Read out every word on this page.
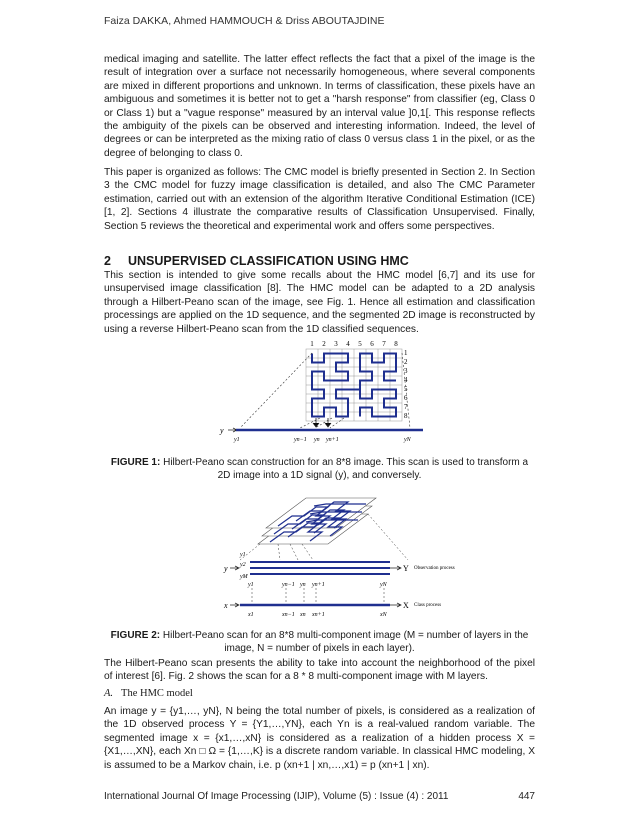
Faiza DAKKA, Ahmed HAMMOUCH & Driss ABOUTAJDINE

medical imaging and satellite. The latter effect reflects the fact that a pixel of the image is the result of integration over a surface not necessarily homogeneous, where several components are mixed in different proportions and unknown. In terms of classification, these pixels have an ambiguous and sometimes it is better not to get a "harsh response" from classifier (eg, Class 0 or Class 1) but a "vague response" measured by an interval value ]0,1[. This response reflects the ambiguity of the pixels can be observed and interesting information. Indeed, the level of degrees or can be interpreted as the mixing ratio of class 0 versus class 1 in the pixel, or as the degree of belonging to class 0.

This paper is organized as follows: The CMC model is briefly presented in Section 2. In Section 3 the CMC model for fuzzy image classification is detailed, and also The CMC Parameter estimation, carried out with an extension of the algorithm Iterative Conditional Estimation (ICE) [1, 2]. Sections 4 illustrate the comparative results of Classification Unsupervised. Finally, Section 5 reviews the theoretical and experimental work and offers some perspectives.

2 UNSUPERVISED CLASSIFICATION USING HMC

This section is intended to give some recalls about the HMC model [6,7] and its use for unsupervised image classification [8]. The HMC model can be adapted to a 2D analysis through a Hilbert-Peano scan of the image, see Fig. 1. Hence all estimation and classification processings are applied on the 1D sequence, and the segmented 2D image is reconstructed by using a reverse Hilbert-Peano scan from the 1D classified sequences.

1 2 3 4 5 6 7 8
1
2
3
4
5
6
7
8
y
y1	yn−1 yn yn+1	yN

FIGURE 1: Hilbert-Peano scan construction for an 8*8 image. This scan is used to transform a 2D image into a 1D signal (y), and conversely.

y1
y2
yM
y	Y Observation process
y1	yn−1 yn yn+1	yN
x	X Class process
x1	xn−1 xn xn+1	xN

FIGURE 2: Hilbert-Peano scan for an 8*8 multi-component image (M = number of layers in the image, N = number of pixels in each layer).

The Hilbert-Peano scan presents the ability to take into account the neighborhood of the pixel of interest [6]. Fig. 2 shows the scan for a 8 * 8 multi-component image with M layers.

A. The HMC model

An image y = {y1,…, yN}, N being the total number of pixels, is considered as a realization of the 1D observed process Y = {Y1,…,YN}, each Yn is a real-valued random variable. The segmented image x = {x1,…,xN} is considered as a realization of a hidden process X = {X1,…,XN}, each Xn □ Ω = {1,…,K} is a discrete random variable. In classical HMC modeling, X is assumed to be a Markov chain, i.e. p (xn+1 | xn,…,x1) = p (xn+1 | xn).

International Journal Of Image Processing (IJIP), Volume (5) : Issue (4) : 2011	447
